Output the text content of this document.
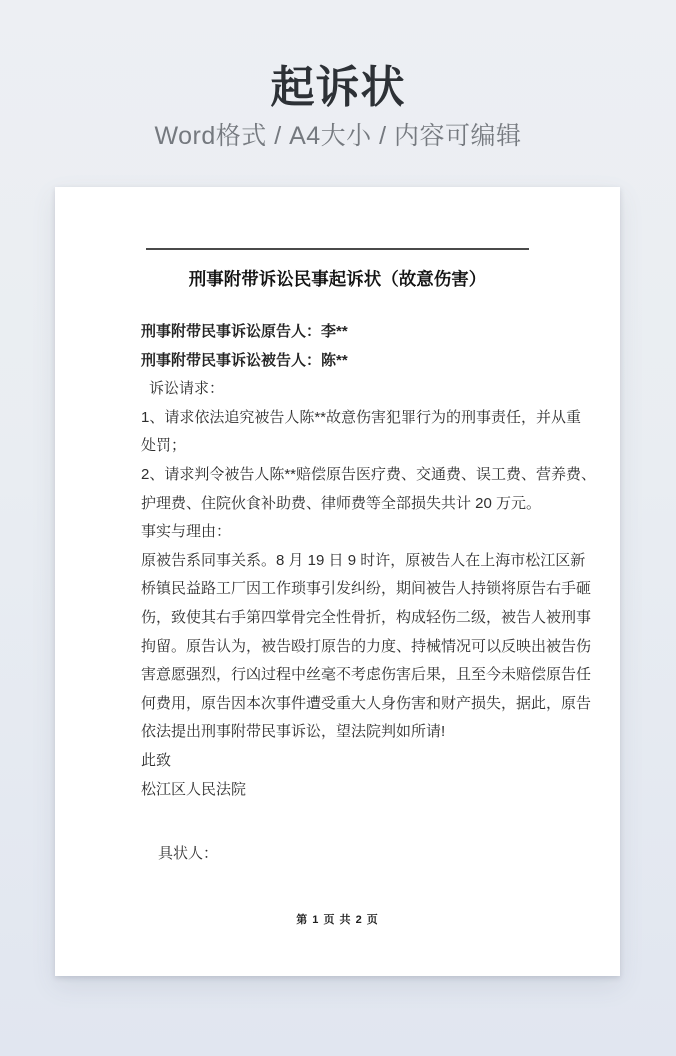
起诉状
Word格式 / A4大小 / 内容可编辑
刑事附带诉讼民事起诉状（故意伤害）
刑事附带民事诉讼原告人：李**
刑事附带民事诉讼被告人：陈**
诉讼请求：
1、请求依法追究被告人陈**故意伤害犯罪行为的刑事责任，并从重
处罚；
2、请求判令被告人陈**赔偿原告医疗费、交通费、误工费、营养费、
护理费、住院伙食补助费、律师费等全部损失共计 20 万元。
事实与理由：
原被告系同事关系。8 月 19 日 9 时许，原被告人在上海市松江区新
桥镇民益路工厂因工作琐事引发纠纷，期间被告人持锁将原告右手砸
伤，致使其右手第四掌骨完全性骨折，构成轻伤二级，被告人被刑事
拘留。原告认为，被告殴打原告的力度、持械情况可以反映出被告伤
害意愿强烈，行凶过程中丝毫不考虑伤害后果，且至今未赔偿原告任
何费用，原告因本次事件遭受重大人身伤害和财产损失，据此，原告
依法提出刑事附带民事诉讼，望法院判如所请!
此致
松江区人民法院
具状人：
第 1 页 共 2 页
